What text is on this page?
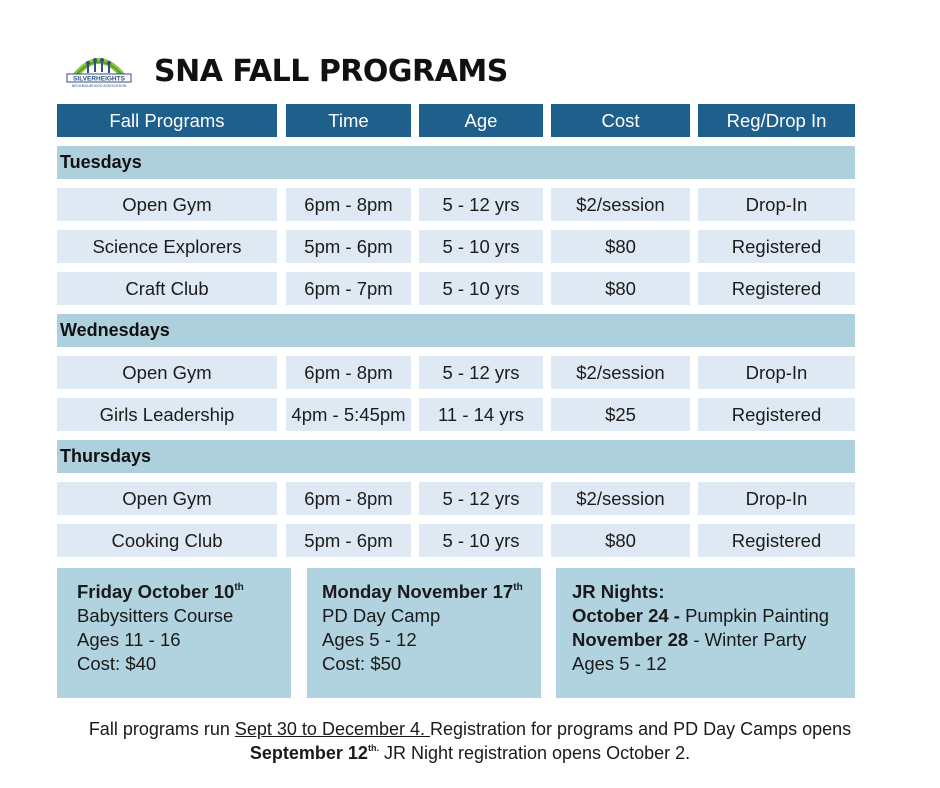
SILVERHEIGHTS
NEIGHBOURHOOD ASSOCIATION SNA FALL PROGRAMS
Fall Programs	Time	Age	Cost	Reg/Drop In
Tuesdays
Open Gym	6pm - 8pm	5 - 12 yrs	$2/session	Drop-In
Science Explorers	5pm - 6pm	5 - 10 yrs	$80	Registered
Craft Club	6pm - 7pm	5 - 10 yrs	$80	Registered
Wednesdays
Open Gym	6pm - 8pm	5 - 12 yrs	$2/session	Drop-In
Girls Leadership	4pm - 5:45pm	11 - 14 yrs	$25	Registered
Thursdays
Open Gym	6pm - 8pm	5 - 12 yrs	$2/session	Drop-In
Cooking Club	5pm - 6pm	5 - 10 yrs	$80	Registered
Friday October 10th
Babysitters Course
Ages 11 - 16
Cost: $40
Monday November 17th
PD Day Camp
Ages 5 - 12
Cost: $50
JR Nights:
October 24 - Pumpkin Painting
November 28 - Winter Party
Ages 5 - 12
Fall programs run Sept 30 to December 4. Registration for programs and PD Day Camps opens
September $12^{th.}$ JR Night registration opens October 2.
